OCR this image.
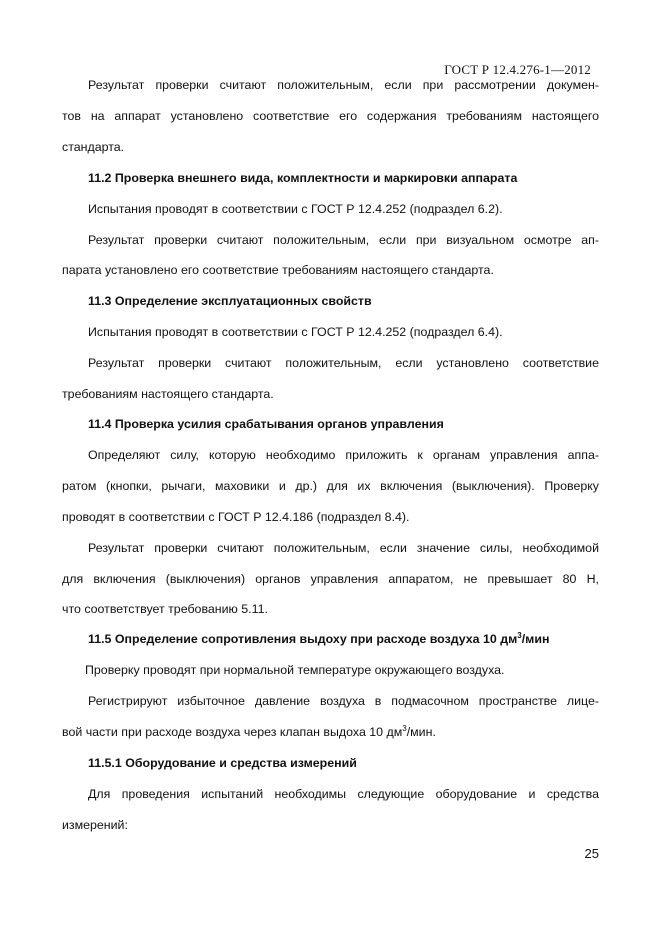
ГОСТ Р 12.4.276-1—2012
Результат проверки считают положительным, если при рассмотрении докумен-
тов на аппарат установлено соответствие его содержания требованиям настоящего
стандарта.
11.2 Проверка внешнего вида, комплектности и маркировки аппарата
Испытания проводят в соответствии с ГОСТ Р 12.4.252 (подраздел 6.2).
Результат проверки считают положительным, если при визуальном осмотре ап-
парата установлено его соответствие требованиям настоящего стандарта.
11.3 Определение эксплуатационных свойств
Испытания проводят в соответствии с ГОСТ Р 12.4.252 (подраздел 6.4).
Результат проверки считают положительным, если установлено соответствие
требованиям настоящего стандарта.
11.4 Проверка усилия срабатывания органов управления
Определяют силу, которую необходимо приложить к органам управления аппа-
ратом (кнопки, рычаги, маховики и др.) для их включения (выключения). Проверку
проводят в соответствии с ГОСТ Р 12.4.186 (подраздел 8.4).
Результат проверки считают положительным, если значение силы, необходимой
для включения (выключения) органов управления аппаратом, не превышает 80 Н,
что соответствует требованию 5.11.
11.5 Определение сопротивления выдоху при расходе воздуха 10 $дм^3$/мин
Проверку проводят при нормальной температуре окружающего воздуха.
Регистрируют избыточное давление воздуха в подмасочном пространстве лице-
вой части при расходе воздуха через клапан выдоха 10 $дм^3$/мин.
11.5.1 Оборудование и средства измерений
Для проведения испытаний необходимы следующие оборудование и средства
измерений:
25
